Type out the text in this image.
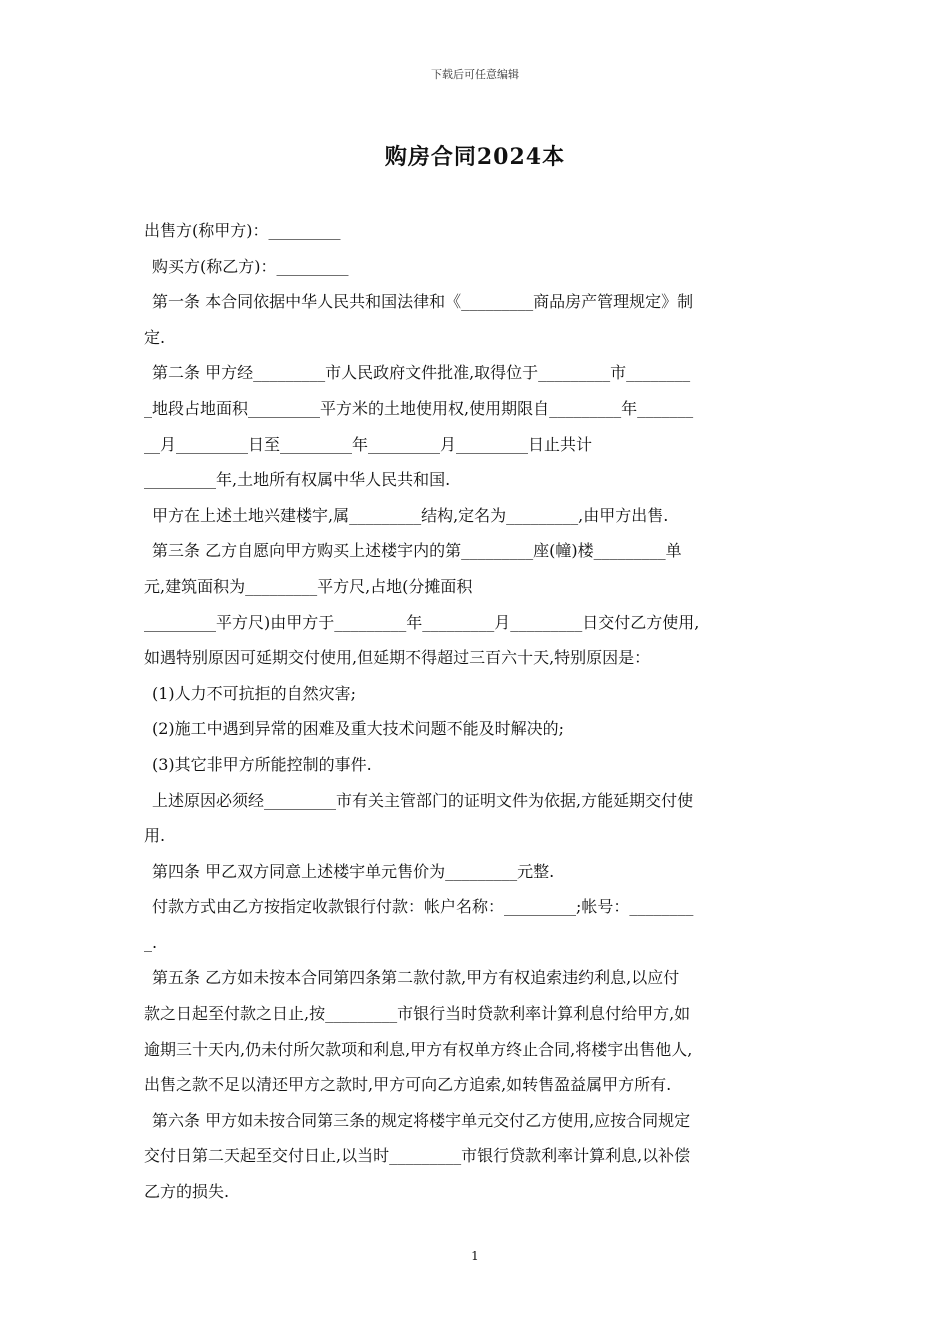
下载后可任意编辑
购房合同2024本
出售方(称甲方)：_________
购买方(称乙方)：_________
第一条 本合同依据中华人民共和国法律和《_________商品房产管理规定》制
定.
第二条 甲方经_________市人民政府文件批准,取得位于_________市________
_地段占地面积_________平方米的土地使用权,使用期限自_________年_______
__月_________日至_________年_________月_________日止共计
_________年,土地所有权属中华人民共和国.
甲方在上述土地兴建楼宇,属_________结构,定名为_________,由甲方出售.
第三条 乙方自愿向甲方购买上述楼宇内的第_________座(幢)楼_________单
元,建筑面积为_________平方尺,占地(分摊面积
_________平方尺)由甲方于_________年_________月_________日交付乙方使用,
如遇特别原因可延期交付使用,但延期不得超过三百六十天,特别原因是：
(1)人力不可抗拒的自然灾害;
(2)施工中遇到异常的困难及重大技术问题不能及时解决的;
(3)其它非甲方所能控制的事件.
上述原因必须经_________市有关主管部门的证明文件为依据,方能延期交付使
用.
第四条 甲乙双方同意上述楼宇单元售价为_________元整.
付款方式由乙方按指定收款银行付款：帐户名称：_________;帐号：________
_.
第五条 乙方如未按本合同第四条第二款付款,甲方有权追索违约利息,以应付
款之日起至付款之日止,按_________市银行当时贷款利率计算利息付给甲方,如
逾期三十天内,仍未付所欠款项和利息,甲方有权单方终止合同,将楼宇出售他人,
出售之款不足以清还甲方之款时,甲方可向乙方追索,如转售盈益属甲方所有.
第六条 甲方如未按合同第三条的规定将楼宇单元交付乙方使用,应按合同规定
交付日第二天起至交付日止,以当时_________市银行贷款利率计算利息,以补偿
乙方的损失.
1
